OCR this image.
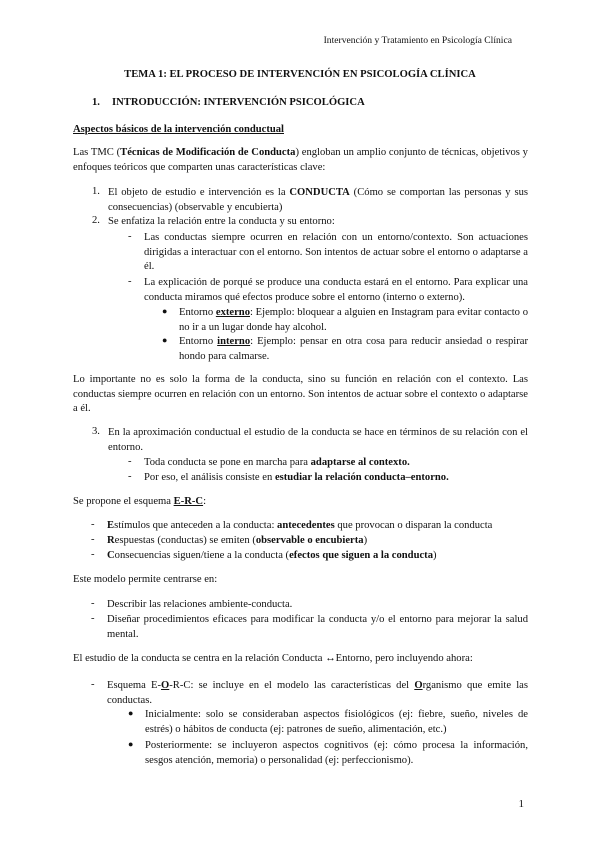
Intervención y Tratamiento en Psicología Clínica
TEMA 1: EL PROCESO DE INTERVENCIÓN EN PSICOLOGÍA CLÍNICA
1. INTRODUCCIÓN: INTERVENCIÓN PSICOLÓGICA
Aspectos básicos de la intervención conductual
Las TMC (Técnicas de Modificación de Conducta) engloban un amplio conjunto de técnicas, objetivos y enfoques teóricos que comparten unas características clave:
1. El objeto de estudio e intervención es la CONDUCTA (Cómo se comportan las personas y sus consecuencias) (observable y encubierta)
2. Se enfatiza la relación entre la conducta y su entorno:
- Las conductas siempre ocurren en relación con un entorno/contexto. Son actuaciones dirigidas a interactuar con el entorno. Son intentos de actuar sobre el entorno o adaptarse a él.
- La explicación de porqué se produce una conducta estará en el entorno. Para explicar una conducta miramos qué efectos produce sobre el entorno (interno o externo).
● Entorno externo: Ejemplo: bloquear a alguien en Instagram para evitar contacto o no ir a un lugar donde hay alcohol.
● Entorno interno: Ejemplo: pensar en otra cosa para reducir ansiedad o respirar hondo para calmarse.
Lo importante no es solo la forma de la conducta, sino su función en relación con el contexto. Las conductas siempre ocurren en relación con un entorno. Son intentos de actuar sobre el contexto o adaptarse a él.
3. En la aproximación conductual el estudio de la conducta se hace en términos de su relación con el entorno.
- Toda conducta se pone en marcha para adaptarse al contexto.
- Por eso, el análisis consiste en estudiar la relación conducta–entorno.
Se propone el esquema E-R-C:
- Estímulos que anteceden a la conducta: antecedentes que provocan o disparan la conducta
- Respuestas (conductas) se emiten (observable o encubierta)
- Consecuencias siguen/tiene a la conducta (efectos que siguen a la conducta)
Este modelo permite centrarse en:
- Describir las relaciones ambiente-conducta.
- Diseñar procedimientos eficaces para modificar la conducta y/o el entorno para mejorar la salud mental.
El estudio de la conducta se centra en la relación Conducta ↔Entorno, pero incluyendo ahora:
- Esquema E-O-R-C: se incluye en el modelo las características del Organismo que emite las conductas.
● Inicialmente: solo se consideraban aspectos fisiológicos (ej: fiebre, sueño, niveles de estrés) o hábitos de conducta (ej: patrones de sueño, alimentación, etc.)
● Posteriormente: se incluyeron aspectos cognitivos (ej: cómo procesa la información, sesgos atención, memoria) o personalidad (ej: perfeccionismo).
1
